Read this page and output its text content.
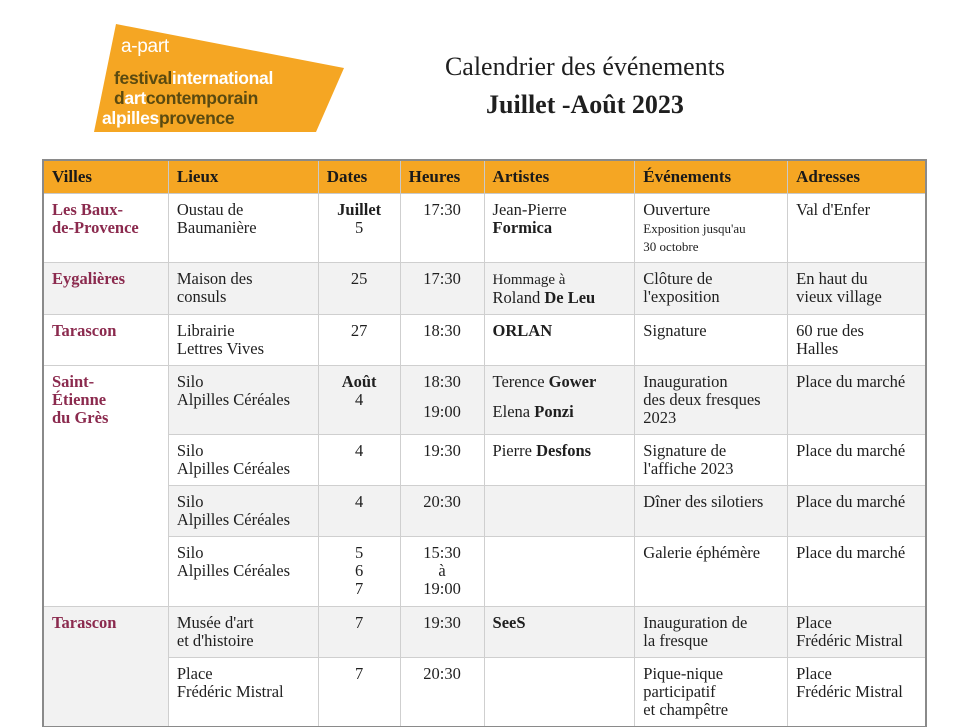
a-part
festivalinternational
dartcontemporain
alpillesprovence
Calendrier des événements
Juillet -Août 2023
Villes	Lieux	Dates	Heures	Artistes	Événements	Adresses
Les Baux-
de-Provence	Oustau de
Baumanière	Juillet
5	17:30	Jean-Pierre
Formica	Ouverture
Exposition jusqu'au
30 octobre	Val d'Enfer
Eygalières	Maison des
consuls	25	17:30	Hommage à
Roland De Leu	Clôture de
l'exposition	En haut du
vieux village
Tarascon	Librairie
Lettres Vives	27	18:30	ORLAN	Signature	60 rue des
Halles
Saint-
Étienne
du Grès	Silo
Alpilles Céréales	Août
4	18:30
19:00	Terence Gower
Elena Ponzi	Inauguration
des deux fresques
2023	Place du marché
	Silo
Alpilles Céréales	4	19:30	Pierre Desfons	Signature de
l'affiche 2023	Place du marché
	Silo
Alpilles Céréales	4	20:30		Dîner des silotiers	Place du marché
	Silo
Alpilles Céréales	5
6
7	15:30
à
19:00		Galerie éphémère	Place du marché
Tarascon	Musée d'art
et d'histoire	7	19:30	SeeS	Inauguration de
la fresque	Place
Frédéric Mistral
	Place
Frédéric Mistral	7	20:30		Pique-nique
participatif
et champêtre	Place
Frédéric Mistral
